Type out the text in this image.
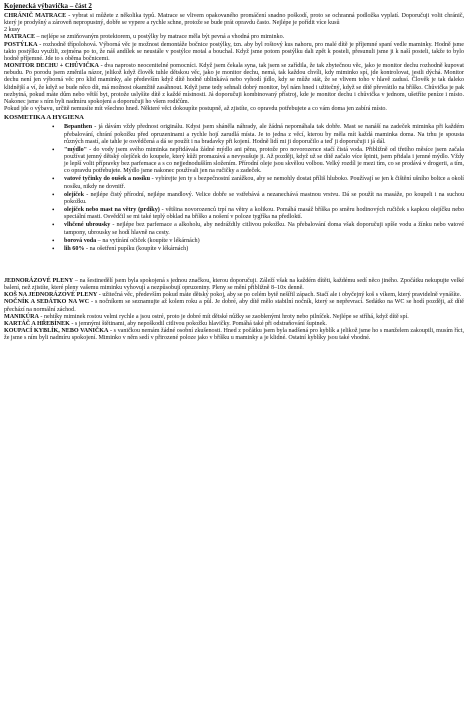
Kojenecká výbavička – část 2

CHRÁNIČ MATRACE - vybrat si můžete z několika typů. Matrace se vlivem opakovaného promáčení snadno poškodí, proto se ochranná podložka vyplatí. Doporučuji volit chránič, který je prodyšný a zároveň nepropustný, dobře se vypere a rychle schne, protože se bude prát opravdu často. Nejlépe je pořídit více kusů

2 kusy

MATRACE – nejlépe se zmiňovaným protektorem, u postýlky by matrace měla být pevná a vhodná pro miminko.

POSTÝLKA - rozhodně třípolohová. Výborná věc je možnost demontáže bočnice postýlky, tzn. aby byl roštový kus nahoru, pro malé dítě je příjemné spaní vedle maminky. Hodně jsme takto postýlku využili, zejména po to, že náš andílek se neustále v postýlce motal a bouchal. Když jsme potom postýlku dali zpět k posteli, přesunuli jsme ji k naší posteli, takže to bylo hodně příjemné. Jde to s oběma bočnicemi.

MONITOR DECHU + CHŮVIČKA - dva naprosto neocenitelné pomocníci. Když jsem čekala syna, tak jsem se zařídila, že tak zbytečnou věc, jako je monitor dechu rozhodně kupovat nebudu. Po porodu jsem změnila názor, jelikož když člověk tuhle dětskou věc, jako je monitor dechu, nemá, tak každou chvíli, kdy miminko spí, jde kontrolovat, jestli dýchá. Monitor dechu není jen výborná věc pro klid maminky, ale především když dítě hodně ublinkává nebo vyhodí jídlo, kdy se může stát, že se vlivem toho v hlavě zadusí. Člověk je tak daleko klidnější a ví, že když se bude něco dít, má možnost okamžitě zasáhnout. Když jsme tedy sehnali dobrý monitor, byl nám hned i užitečný, když se dítě převrátilo na bříško. Chůvička je pak nezbytná, pokud máte dům nebo větší byt, protože uslyšíte dítě z každé místnosti. Já doporučuji kombinovaný přístroj, kde je monitor dechu i chůvička v jednom, ušetříte peníze i místo. Nakonec jsme s ním byli nadmíru spokojení a doporučuji ho všem rodičům.

Pokud jde o výbavu, určitě nemusíte mít všechno hned. Některé věci dokoupíte postupně, až zjistíte, co opravdu potřebujete a co vám doma jen zabírá místo.

KOSMETIKA A HYGIENA
• Bepanthen - já dávám vždy přednost originálu. Kdysi jsem sháněla náhrady, ale žádná nepomáhala tak dobře. Mast se nanáší na zadeček miminka při každém přebalování, chrání pokožku před opruzeninami a rychle hojí zarudlá místa. Je to jedna z věcí, kterou by měla mít každá maminka doma. Na trhu je spousta různých mastí, ale tahle je osvědčená a dá se použít i na bradavky při kojení. Hodně lidí mi ji doporučilo a teď ji doporučuji i já dál.
• "mýdlo" - do vody jsem svého miminka nepřidávala žádné mýdlo ani pěnu, protože pro novorozence stačí čistá voda. Přibližně od třetího měsíce jsem začala používat jemný dětský olejíček do koupele, který kůži promazává a nevysušuje ji. Až později, když už se dítě začalo více špinit, jsem přidala i jemné mýdlo. Vždy je lepší volit přípravky bez parfemace a s co nejjednodušším složením. Přírodní oleje jsou skvělou volbou. Velký rozdíl je mezi tím, co se prodává v drogerii, a tím, co opravdu potřebujete. Mýdlo jsme nakonec používali jen na ručičky a zadeček.
• vatové tyčinky do oušek a nosíku - vybírejte jen ty s bezpečnostní zarážkou, aby se nemohly dostat příliš hluboko. Používají se jen k čištění ušního boltce a okolí nosíku, nikdy ne dovnitř.
• olejíček - nejlépe čistý přírodní, nejlépe mandlový. Velice dobře se vstřebává a nezanechává mastnou vrstvu. Dá se použít na masáže, po koupeli i na suchou pokožku.
• olejíček nebo mast na větry (prdíky) - většina novorozenců trpí na větry a kolikou. Pomáhá masáž bříška po směru hodinových ručiček s kapkou olejíčku nebo speciální masti. Osvědčil se mi také teplý obklad na bříško a nošení v poloze tygříka na předloktí.
• vlhčené ubrousky - nejlépe bez parfemace a alkoholu, aby nedráždily citlivou pokožku. Na přebalování doma však doporučuji spíše vodu a žínku nebo vatové tampony, ubrousky se hodí hlavně na cesty.
• borová voda – na vytírání očiček (koupíte v lékárnách)
• lih 60% - na ošetření pupíku (koupíte v lékárnách)

JEDNORÁZOVÉ PLENY – na šestinedělí jsem byla spokojená s jednou značkou, kterou doporučuji. Záleží však na každém dítěti, každému sedí něco jiného. Zpočátku nekupujte velké balení, než zjistíte, které pleny vašemu miminku vyhovují a nezpůsobují opruzeniny. Pleny se mění přibližně 8–10x denně.

KOŠ NA JEDNORÁZOVÉ PLENY - užitečná věc, především pokud máte dětský pokoj, aby se po celém bytě nešířil zápach. Stačí ale i obyčejný koš s víkem, který pravidelně vynášíte.

NOČNÍK A SEDÁTKO NA WC - s nočníkem se seznamujte až kolem roku a půl. Je dobré, aby dítě mělo stabilní nočník, který se nepřevrací. Sedátko na WC se hodí později, až dítě přechází na normální záchod.

MANIKÚRA - nehtíky miminek rostou velmi rychle a jsou ostré, proto je dobré mít dětské nůžky se zaoblenými hroty nebo pilníček. Nejlépe se stříhá, když dítě spí.

KARTÁČ A HŘEBÍNEK - s jemnými štětinami, aby nepoškodil citlivou pokožku hlavičky. Pomáhá také při odstraňování šupinek.

KOUPACÍ KYBLÍK, NEBO VANIČKA - s vaničkou nemám žádné osobní zkušenosti. Hned z počátku jsem byla nadšená pro kyblík a jelikož jsme ho s manželem zakoupili, musím říct, že jsme s ním byli nadmíru spokojení. Miminko v něm sedí v přirozené poloze jako v bříšku u maminky a je klidné. Ostatní kyblíky jsou také vhodné.
